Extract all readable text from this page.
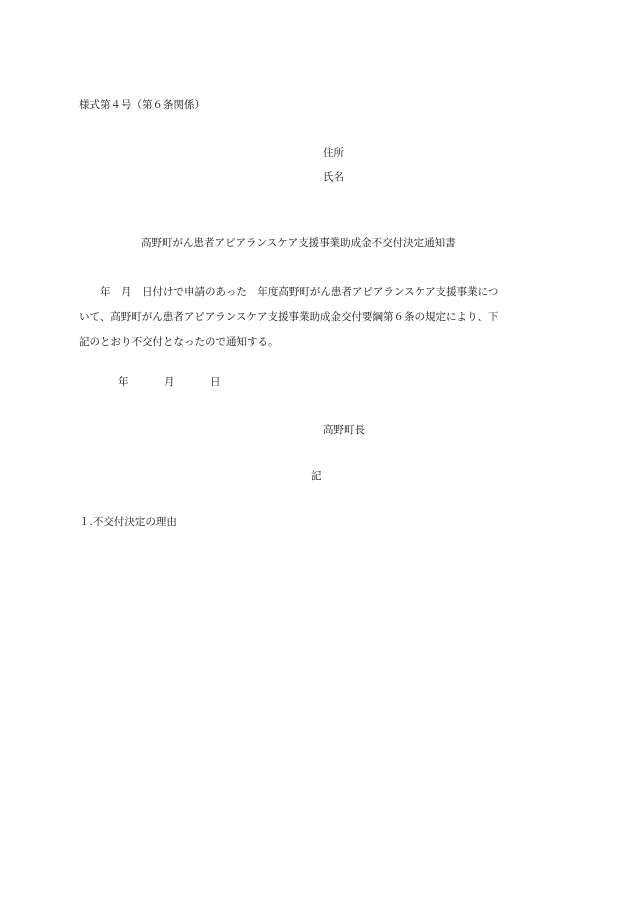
様式第４号（第６条関係）
住所
氏名
高野町がん患者アピアランスケア支援事業助成金不交付決定通知書
年　月　日付けで申請のあった　年度高野町がん患者アピアランスケア支援事業につ
いて、高野町がん患者アピアランスケア支援事業助成金交付要綱第６条の規定により、下
記のとおり不交付となったので通知する。
年	月	日
高野町長
記
１.不交付決定の理由
